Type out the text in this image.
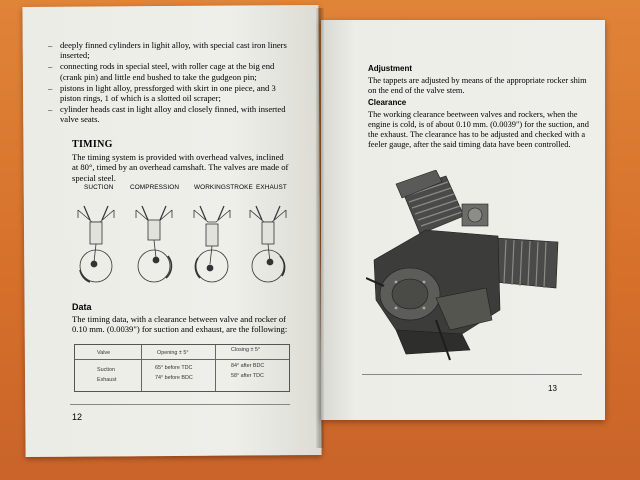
– deeply finned cylinders in lighit alloy, with special cast iron liners inserted;
– connecting rods in special steel, with roller cage at the big end (crank pin) and little end bushed to take the gudgeon pin;
– pistons in light alloy, pressforged with skirt in one piece, and 3 piston rings, 1 of which is a slotted oil scraper;
– cylinder heads cast in light alloy and closely finned, with inserted valve seats.
TIMING

The timing system is provided with overhead valves, inclined at 80°, timed by an overhead camshaft. The valves are made of special steel.

SUCTION	COMPRESSION WORKINGSTROKE EXHAUST
Data

The timing data, with a clearance between valve and rocker of 0.10 mm. (0.0039") for suction and exhaust, are the following:

Valve	Opening ± 5°	Closing ± 5°
Suction	65° before TDC	84° after BDC
Exhaust	74° before BDC	58° after TDC
12
Adjustment

The tappets are adjusted by means of the appropriate rocker shim on the end of the valve stem.

Clearance

The working clearance beetween valves and rockers, when the engine is cold, is of about 0.10 mm. (0.0039") for the suction, and the exhaust. The clearance has to be adjusted and checked with a feeler gauge, after the said timing data have been controlled.

13
